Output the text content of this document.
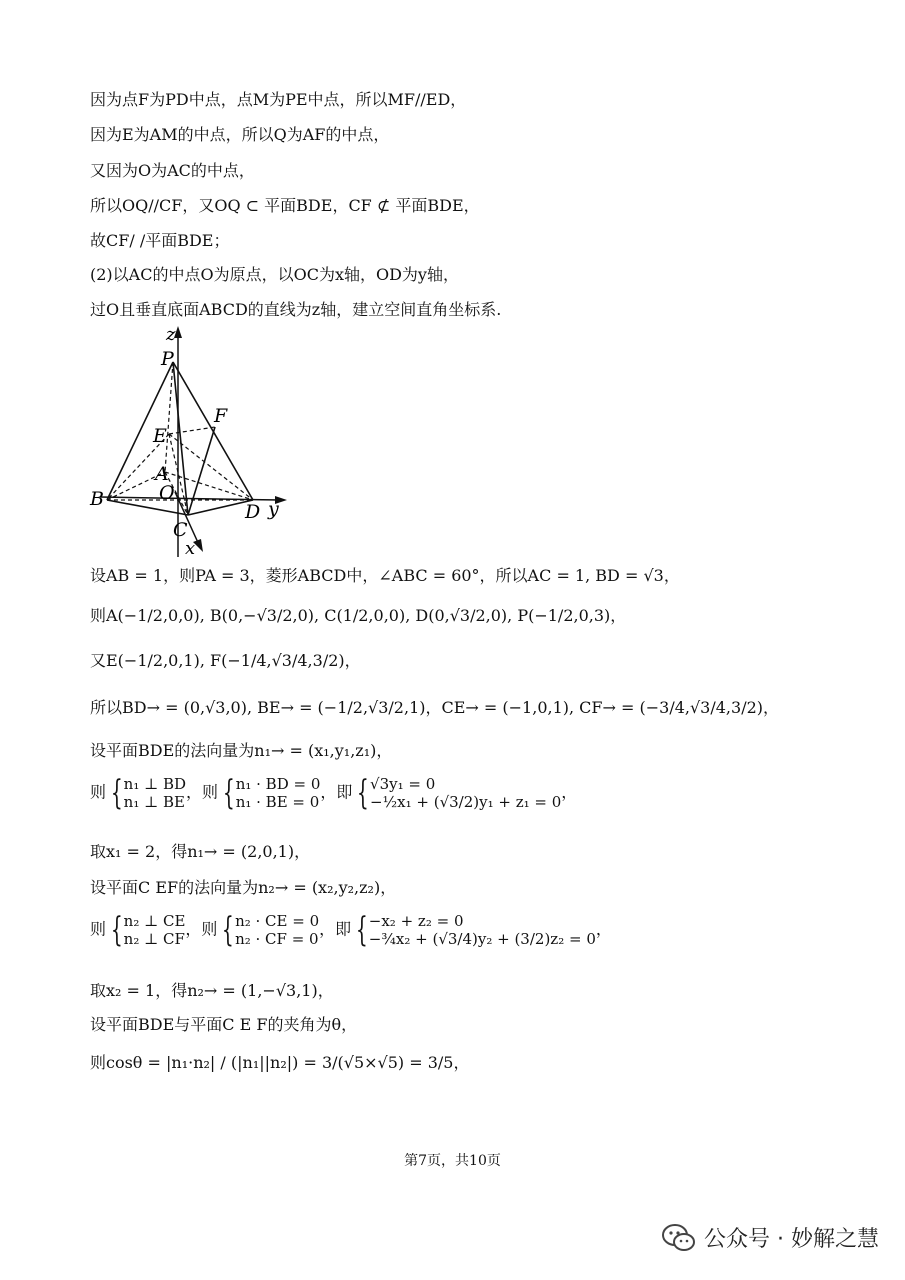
因为点F为PD中点，点M为PE中点，所以MF//ED，
因为E为AM的中点，所以Q为AF的中点，
又因为O为AC的中点，
所以OQ//CF，又OQ ⊂ 平面BDE，CF ⊄ 平面BDE，
故CF/ /平面BDE；
(2)以AC的中点O为原点，以OC为x轴，OD为y轴，
过O且垂直底面ABCD的直线为z轴，建立空间直角坐标系.
z
P
F
E
A
O
B
D y
C
x
设AB = 1，则PA = 3，菱形ABCD中，∠ABC = 60°，所以AC = 1, BD = √3，
则A(−1/2,0,0), B(0,−√3/2,0), C(1/2,0,0), D(0,√3/2,0), P(−1/2,0,3)，
又E(−1/2,0,1), F(−1/4,√3/4,3/2)，
所以BD→ = (0,√3,0), BE→ = (−1/2,√3/2,1)，CE→ = (−1,0,1), CF→ = (−3/4,√3/4,3/2)，
设平面BDE的法向量为n₁→ = (x₁,y₁,z₁)，
则 {n₁ ⊥ BD
n₁ ⊥ BE，则 {n₁ · BD = 0
n₁ · BE = 0，即 {√3y₁ = 0
−½x₁ + (√3/2)y₁ + z₁ = 0，
取x₁ = 2，得n₁→ = (2,0,1)，
设平面C EF的法向量为n₂→ = (x₂,y₂,z₂)，
则 {n₂ ⊥ CE
n₂ ⊥ CF，则 {n₂ · CE = 0
n₂ · CF = 0，即 {−x₂ + z₂ = 0
−¾x₂ + (√3/4)y₂ + (3/2)z₂ = 0，
取x₂ = 1，得n₂→ = (1,−√3,1)，
设平面BDE与平面C E F的夹角为θ，
则cosθ = |n₁·n₂| / (|n₁||n₂|) = 3/(√5×√5) = 3/5，
第7页，共10页
公众号 · 妙解之慧
